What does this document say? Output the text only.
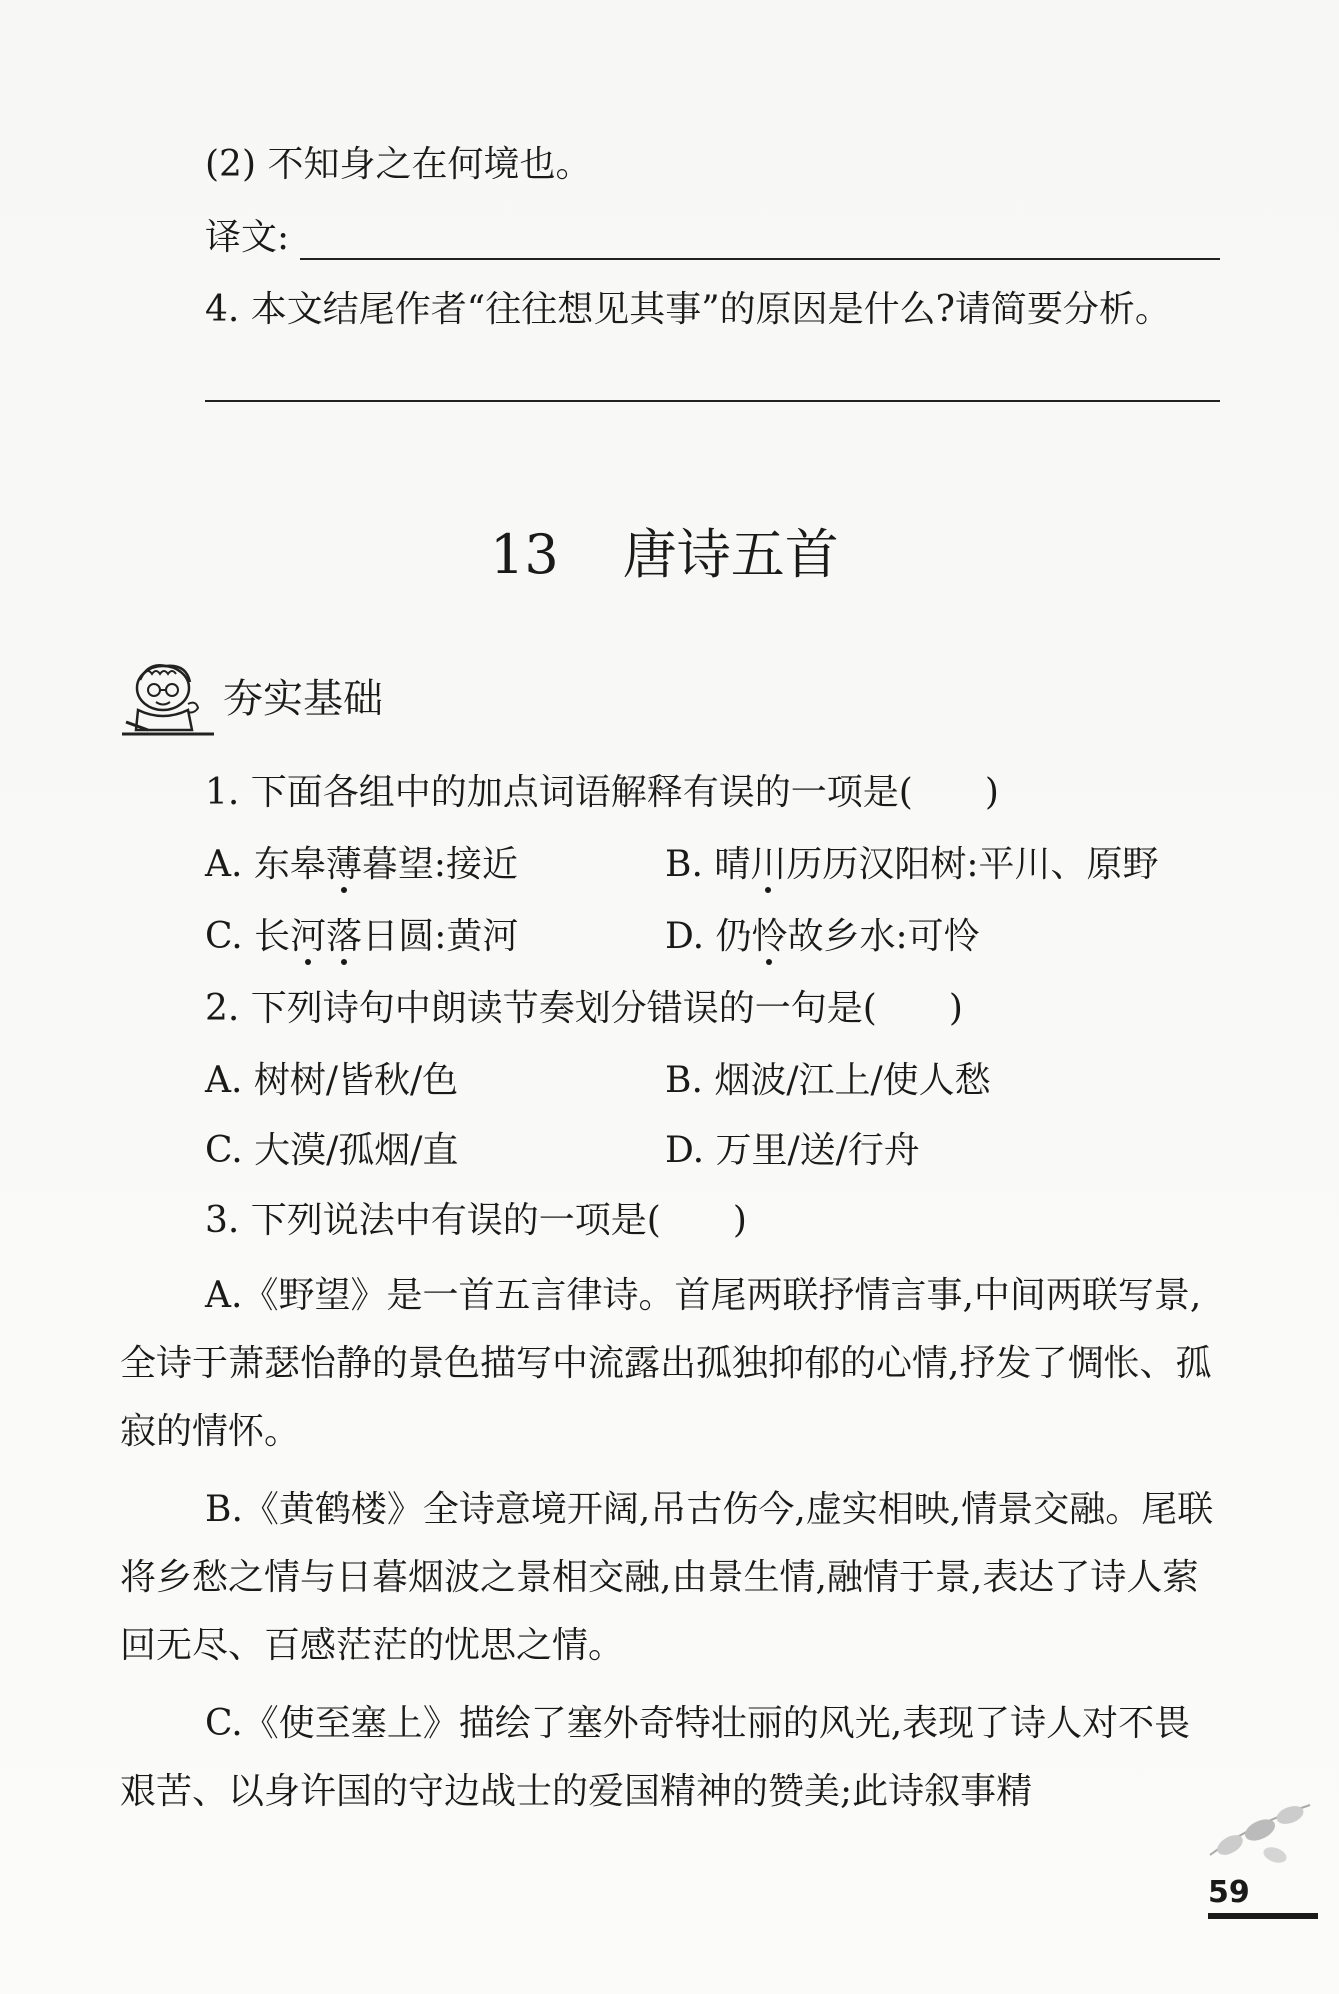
(2) 不知身之在何境也。
译文:
4. 本文结尾作者“往往想见其事”的原因是什么?请简要分析。
13 唐诗五首
夯实基础
1. 下面各组中的加点词语解释有误的一项是(　　)
A. 东皋薄暮望:接近	B. 晴川历历汉阳树:平川、原野
C. 长河落日圆:黄河	D. 仍怜故乡水:可怜
2. 下列诗句中朗读节奏划分错误的一句是(　　)
A. 树树/皆秋/色	B. 烟波/江上/使人愁
C. 大漠/孤烟/直	D. 万里/送/行舟
3. 下列说法中有误的一项是(　　)
A.《野望》是一首五言律诗。首尾两联抒情言事,中间两联写景,全诗于萧瑟怡静的景色描写中流露出孤独抑郁的心情,抒发了惆怅、孤寂的情怀。
B.《黄鹤楼》全诗意境开阔,吊古伤今,虚实相映,情景交融。尾联将乡愁之情与日暮烟波之景相交融,由景生情,融情于景,表达了诗人萦回无尽、百感茫茫的忧思之情。
C.《使至塞上》描绘了塞外奇特壮丽的风光,表现了诗人对不畏艰苦、以身许国的守边战士的爱国精神的赞美;此诗叙事精
59
